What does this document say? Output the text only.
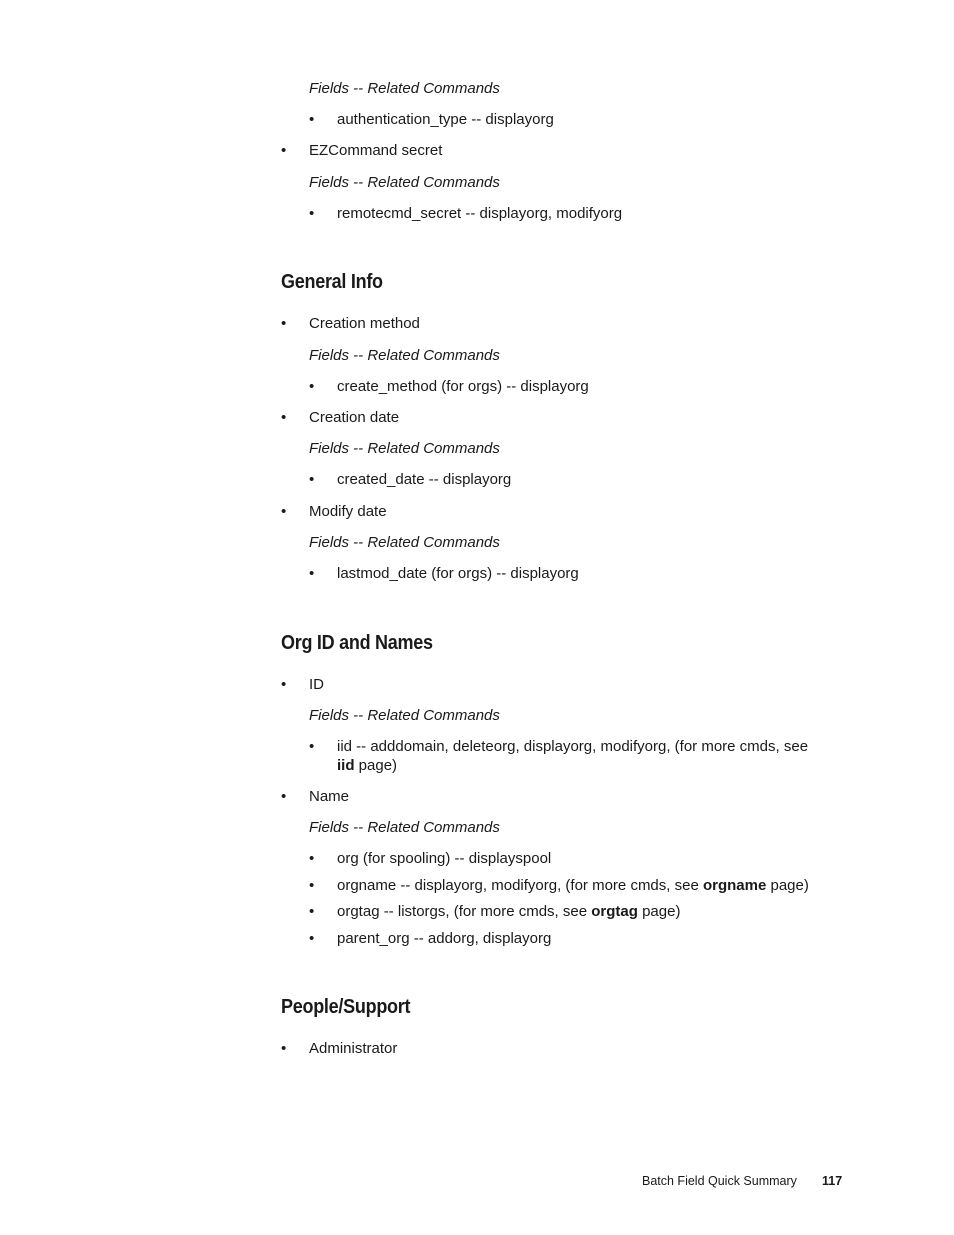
Fields -- Related Commands
• authentication_type -- displayorg
• EZCommand secret
Fields -- Related Commands
• remotecmd_secret -- displayorg, modifyorg
General Info
• Creation method
Fields -- Related Commands
• create_method (for orgs) -- displayorg
• Creation date
Fields -- Related Commands
• created_date -- displayorg
• Modify date
Fields -- Related Commands
• lastmod_date (for orgs) -- displayorg
Org ID and Names
• ID
Fields -- Related Commands
• iid -- adddomain, deleteorg, displayorg, modifyorg, (for more cmds, see
iid page)
• Name
Fields -- Related Commands
• org (for spooling) -- displayspool
• orgname -- displayorg, modifyorg, (for more cmds, see orgname page)
• orgtag -- listorgs, (for more cmds, see orgtag page)
• parent_org -- addorg, displayorg
People/Support
• Administrator
Batch Field Quick Summary 117
